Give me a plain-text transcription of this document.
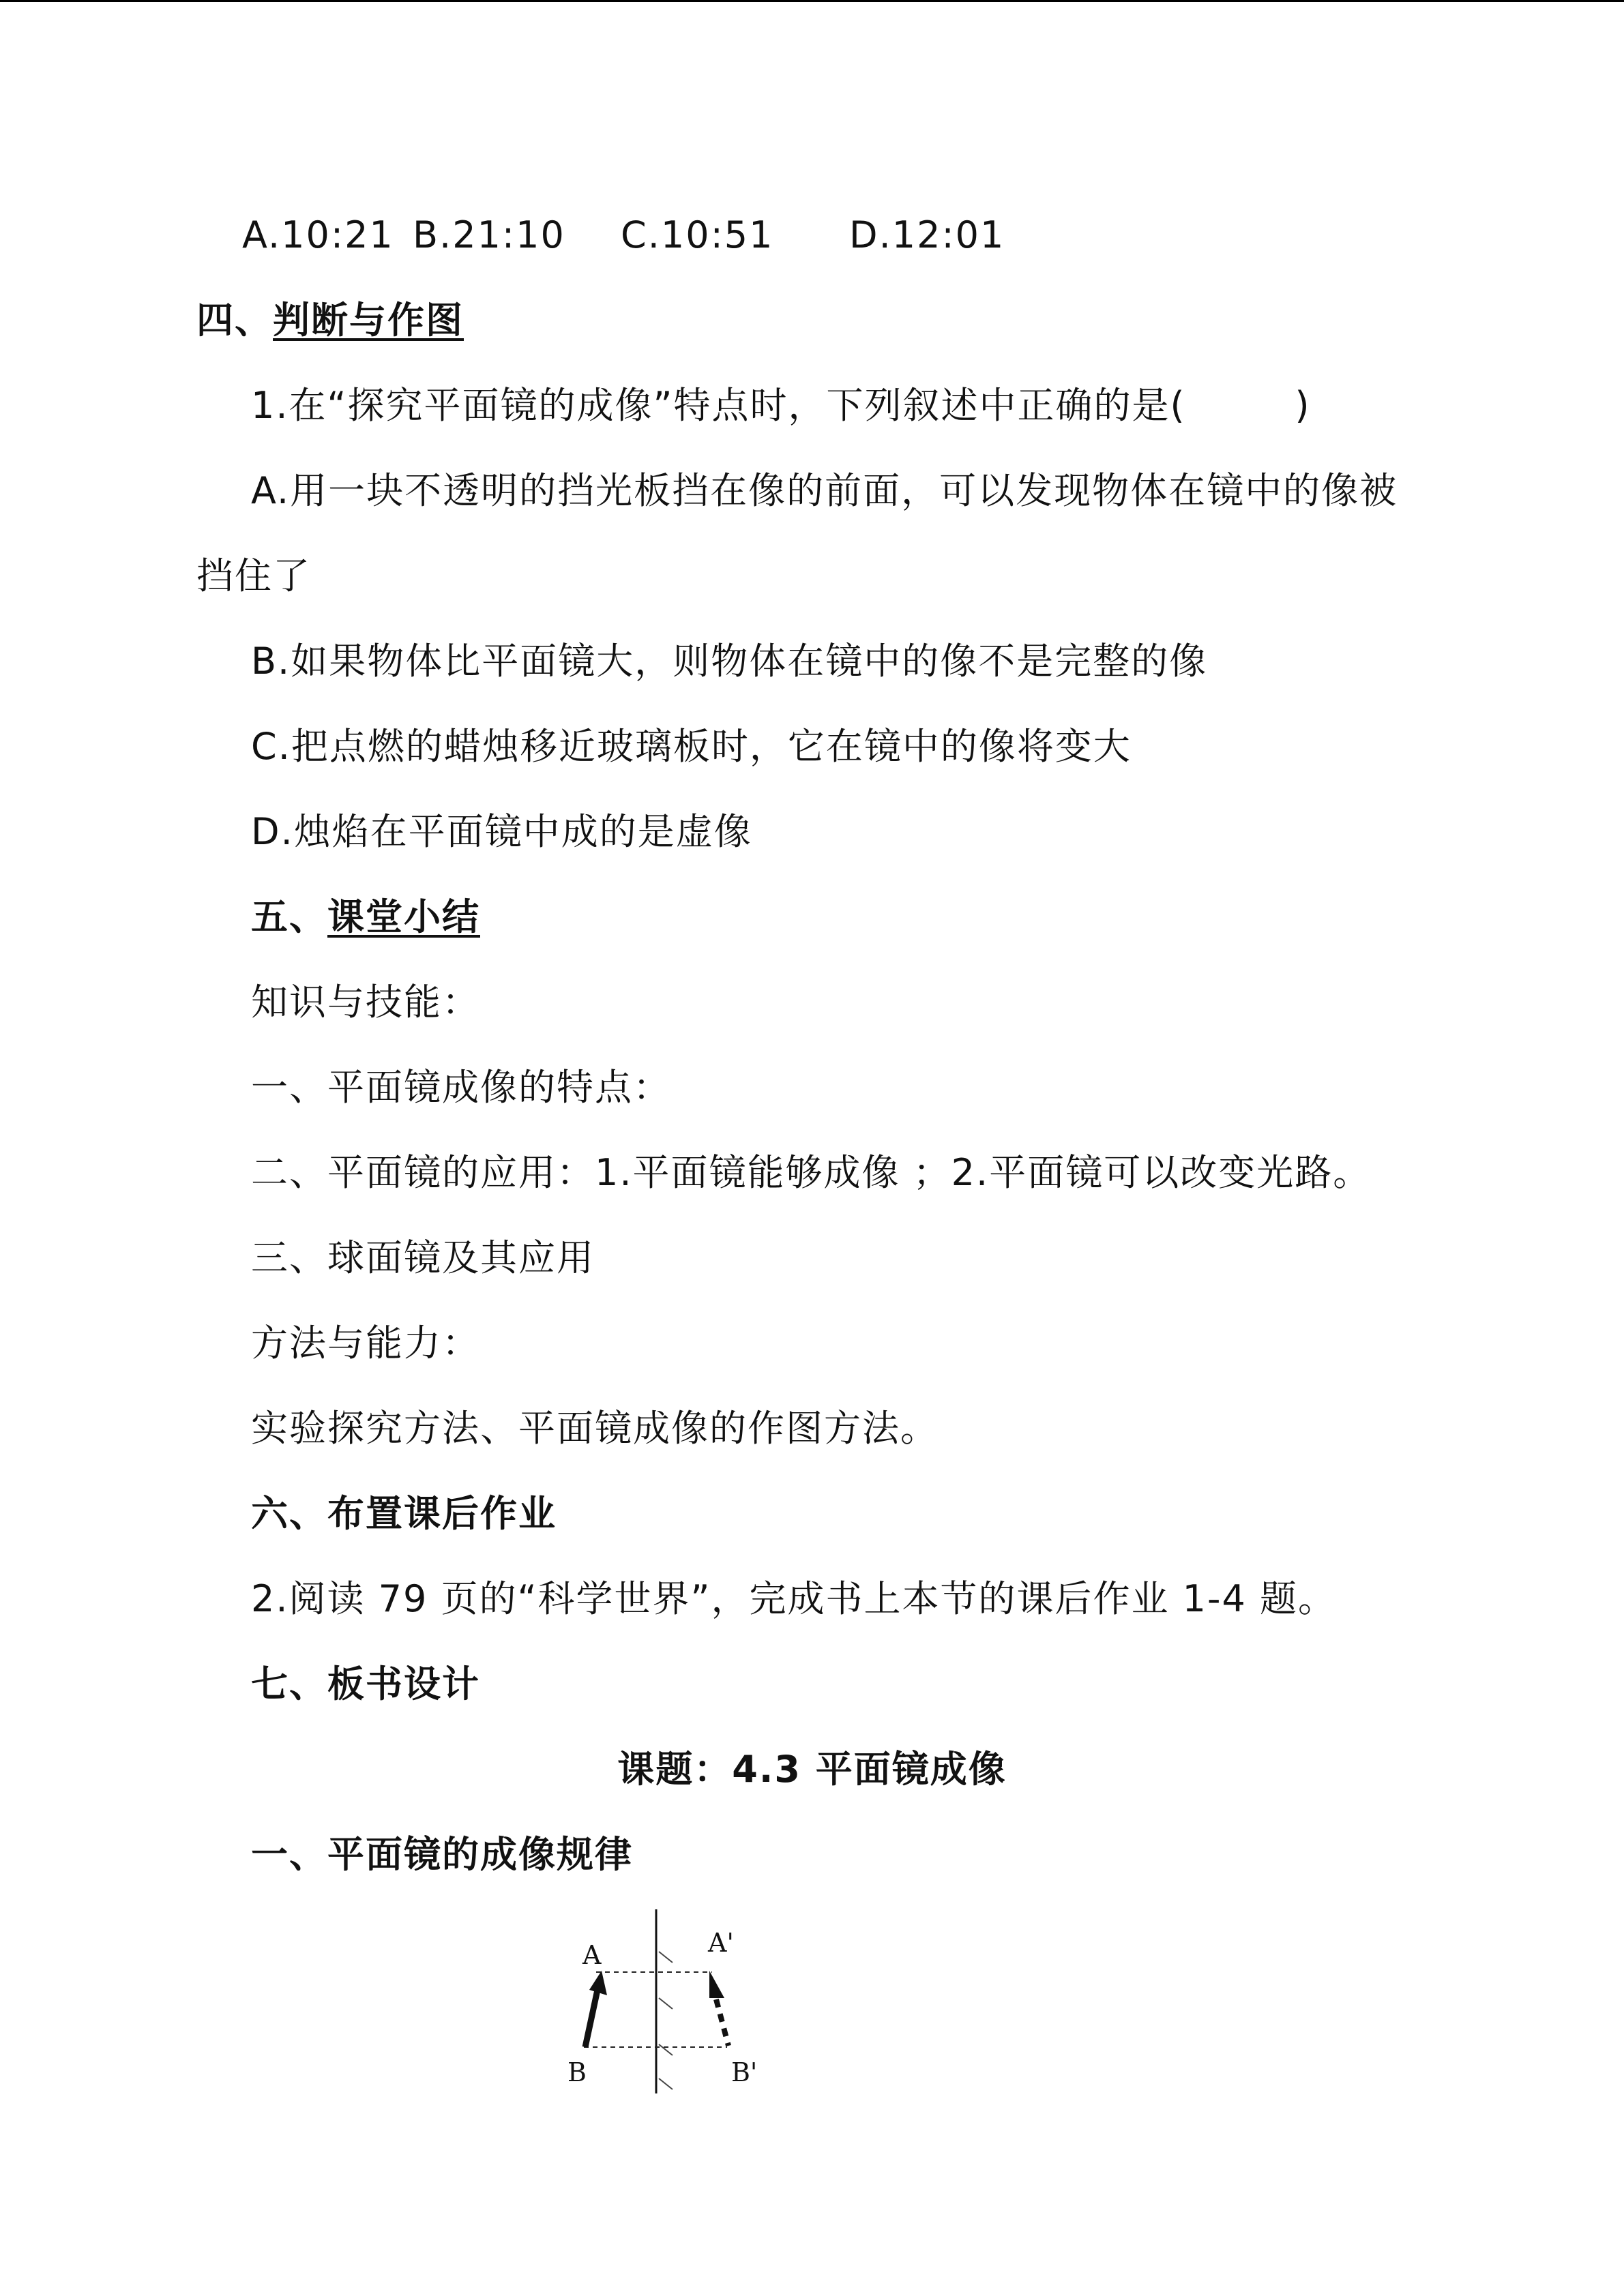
A.10:21 B.21:10 C.10:51 D.12:01
四、判断与作图
1.在“探究平面镜的成像”特点时，下列叙述中正确的是(	)
A.用一块不透明的挡光板挡在像的前面，可以发现物体在镜中的像被
挡住了
B.如果物体比平面镜大，则物体在镜中的像不是完整的像
C.把点燃的蜡烛移近玻璃板时，它在镜中的像将变大
D.烛焰在平面镜中成的是虚像
五、课堂小结
知识与技能：
一、平面镜成像的特点：
二、平面镜的应用：1.平面镜能够成像 ；2.平面镜可以改变光路。
三、球面镜及其应用
方法与能力：
实验探究方法、平面镜成像的作图方法。
六、布置课后作业
2.阅读 79 页的“科学世界”，完成书上本节的课后作业 1-4 题。
七、板书设计
课题：4.3 平面镜成像
一、平面镜的成像规律
A
B
A'
B'
